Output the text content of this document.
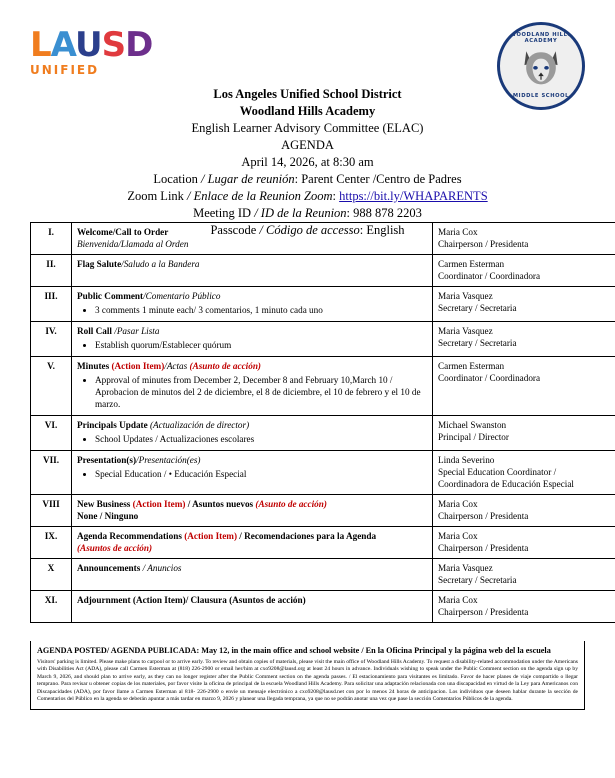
LAUSD
UNIFIED
WOODLAND HILLS ACADEMY
MIDDLE SCHOOL
Los Angeles Unified School District
Woodland Hills Academy
English Learner Advisory Committee (ELAC)
AGENDA
April 14, 2026, at 8:30 am
Location / Lugar de reunión: Parent Center /Centro de Padres
Zoom Link / Enlace de la Reunion Zoom: https://bit.ly/WHAPARENTS
Meeting ID / ID de la Reunion: 988 878 2203
Passcode / Código de accesso: English
I.	Welcome/Call to Order
Bienvenida/Llamada al Orden

Maria Cox
Chairperson / Presidenta

II.	Flag Salute/Saludo a la Bandera	Carmen Esterman
Coordinator / Coordinadora

III.	Public Comment/Comentario Público
• 3 comments 1 minute each/ 3 comentarios, 1 minuto cada uno

Maria Vasquez
Secretary / Secretaria

IV.	Roll Call /Pasar Lista
• Establish quorum/Establecer quórum

Maria Vasquez
Secretary / Secretaria

V.	Minutes (Action Item)/Actas (Asunto de acción)
• Approval of minutes from December 2, December 8 and February 10,March 10 / Aprobacion de minutos del 2 de diciembre, el 8 de diciembre, el 10 de febrero y el 10 de marzo.

Carmen Esterman
Coordinator / Coordinadora

VI.	Principals Update (Actualización de director)
• School Updates / Actualizaciones escolares

Michael Swanston
Principal / Director

VII.	Presentation(s)/Presentación(es)
• Special Education / • Educación Especial

Linda Severino
Special Education Coordinator /
Coordinadora de Educación Especial

VIII	New Business (Action Item) / Asuntos nuevos (Asunto de acción)
None / Ninguno	Maria Cox
Chairperson / Presidenta

IX.	Agenda Recommendations (Action Item) / Recomendaciones para la Agenda
(Asuntos de acción)	Maria Cox
Chairperson / Presidenta

X	Announcements / Anuncios	Maria Vasquez
Secretary / Secretaria

XI.	Adjournment (Action Item)/ Clausura (Asuntos de acción)	Maria Cox
Chairperson / Presidenta
AGENDA POSTED/ AGENDA PUBLICADA: May 12, in the main office and school website / En la Oficina Principal y la página web del la escuela
Visitors' parking is limited. Please make plans to carpool or to arrive early. To review and obtain copies of materials, please visit the main office of Woodland Hills Academy. To request a disability-related accommodation under the Americans with Disabilities Act (ADA), please call Carmen Esterman at (818) 226-2900 or email her/him at cxo9208@lausd.org at least 24 hours in advance. Individuals wishing to speak under the Public Comment section on the agenda sign up by March 9, 2026, and should plan to arrive early, as they can no longer register after the Public Comment section on the agenda passes. / El estacionamiento para visitantes es limitado. Favor de hacer planes de viaje compartido o llegar temprano. Para revisar u obtener copias de los materiales, por favor visite la oficina de principal de la escuela Woodland Hills Academy. Para solicitar una adaptación relacionada con una discapacidad en virtud de la Ley para Americanos con Discapacidades (ADA), por favor llame a Carmen Esterman al 818- 226-2900 o envíe un mensaje electrónico a cxo9208@lausd.net con por lo menos 24 horas de anticipacion. Los individuos que deseen hablar durante la sección de Comentarios del Público en la agenda se deberán apuntar a más tardar en marzo 9, 2026 y planear una llegada temprana, ya que no se podrán anotar una vez que pase la sección Comentarios Públicos de la agenda.
